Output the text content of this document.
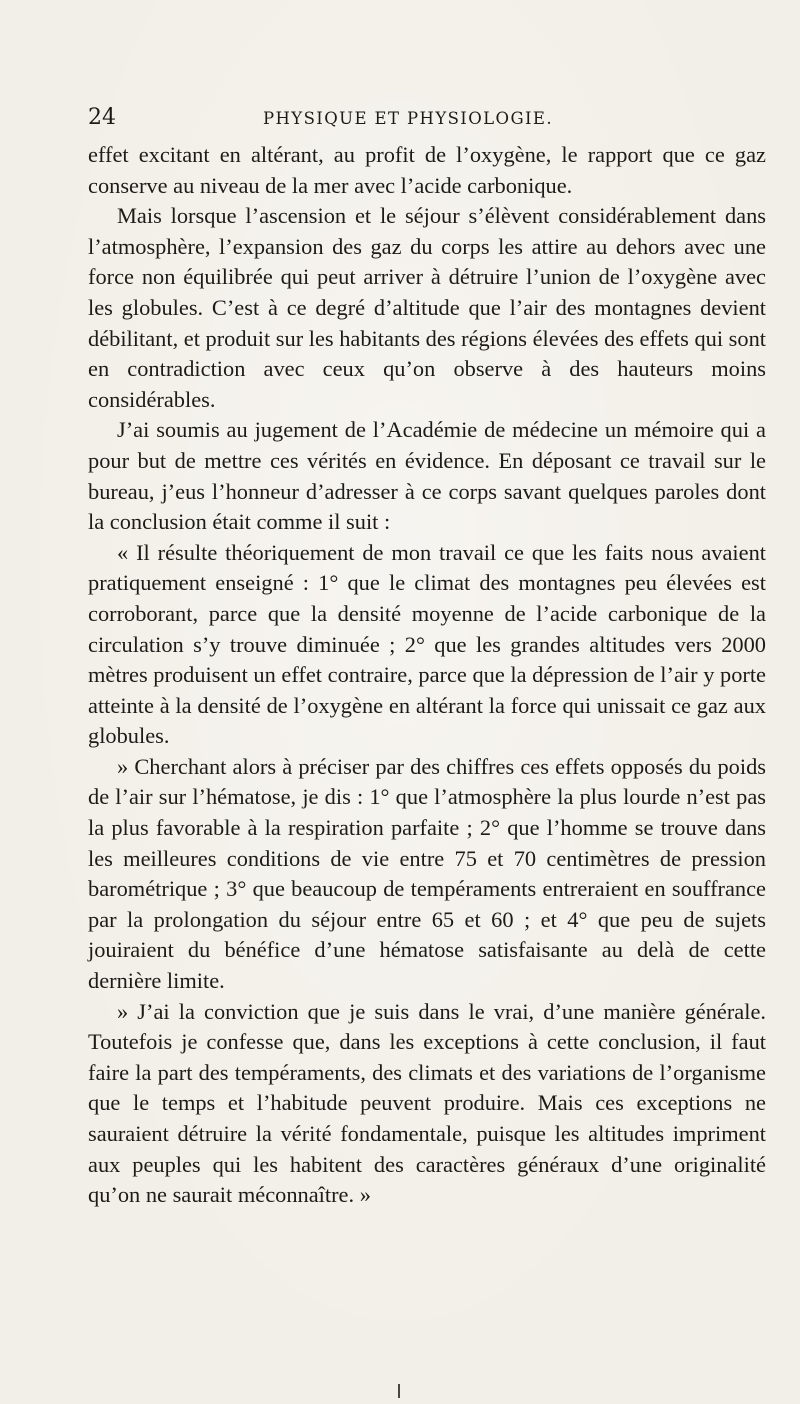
24	PHYSIQUE ET PHYSIOLOGIE.

effet excitant en altérant, au profit de l’oxygène, le rapport que ce gaz conserve au niveau de la mer avec l’acide carbonique.

Mais lorsque l’ascension et le séjour s’élèvent considérablement dans l’atmosphère, l’expansion des gaz du corps les attire au dehors avec une force non équilibrée qui peut arriver à détruire l’union de l’oxygène avec les globules. C’est à ce degré d’altitude que l’air des montagnes devient débilitant, et produit sur les habitants des régions élevées des effets qui sont en contradiction avec ceux qu’on observe à des hauteurs moins considérables.

J’ai soumis au jugement de l’Académie de médecine un mémoire qui a pour but de mettre ces vérités en évidence. En déposant ce travail sur le bureau, j’eus l’honneur d’adresser à ce corps savant quelques paroles dont la conclusion était comme il suit :

« Il résulte théoriquement de mon travail ce que les faits nous avaient pratiquement enseigné : 1° que le climat des montagnes peu élevées est corroborant, parce que la densité moyenne de l’acide carbonique de la circulation s’y trouve diminuée ; 2° que les grandes altitudes vers 2000 mètres produisent un effet contraire, parce que la dépression de l’air y porte atteinte à la densité de l’oxygène en altérant la force qui unissait ce gaz aux globules.

» Cherchant alors à préciser par des chiffres ces effets opposés du poids de l’air sur l’hématose, je dis : 1° que l’atmosphère la plus lourde n’est pas la plus favorable à la respiration parfaite ; 2° que l’homme se trouve dans les meilleures conditions de vie entre 75 et 70 centimètres de pression barométrique ; 3° que beaucoup de tempéraments entreraient en souffrance par la prolongation du séjour entre 65 et 60 ; et 4° que peu de sujets jouiraient du bénéfice d’une hématose satisfaisante au delà de cette dernière limite.

» J’ai la conviction que je suis dans le vrai, d’une manière générale. Toutefois je confesse que, dans les exceptions à cette conclusion, il faut faire la part des tempéraments, des climats et des variations de l’organisme que le temps et l’habitude peuvent produire. Mais ces exceptions ne sauraient détruire la vérité fondamentale, puisque les altitudes impriment aux peuples qui les habitent des caractères généraux d’une originalité qu’on ne saurait méconnaître. »
